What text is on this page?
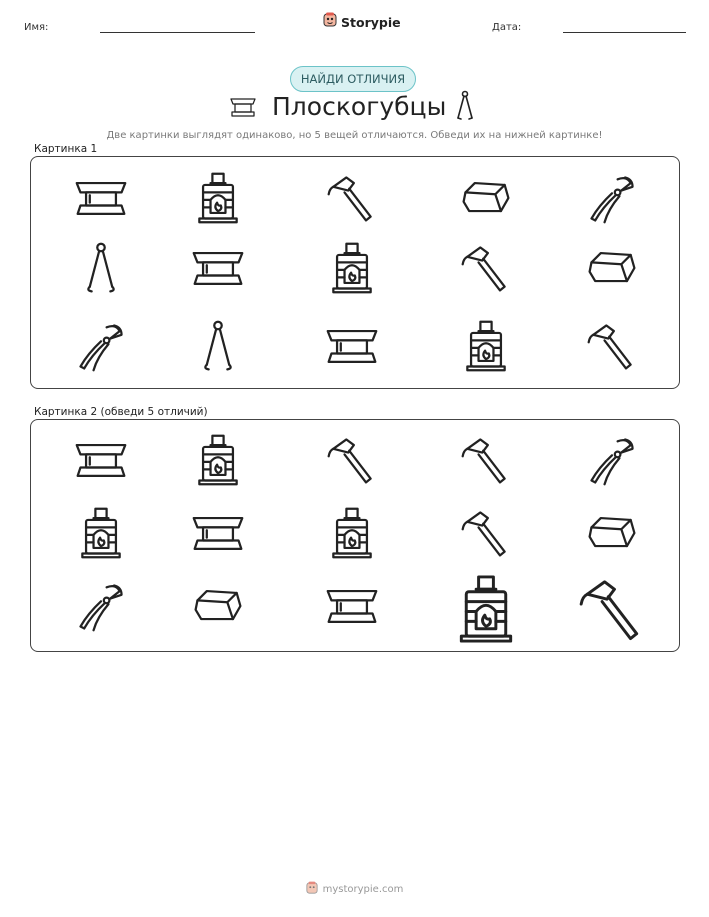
Имя:	Storypie	Дата:
НАЙДИ ОТЛИЧИЯ
Плоскогубцы
Две картинки выглядят одинаково, но 5 вещей отличаются. Обведи их на нижней картинке!
Картинка 1
Картинка 2 (обведи 5 отличий)
mystorypie.com
